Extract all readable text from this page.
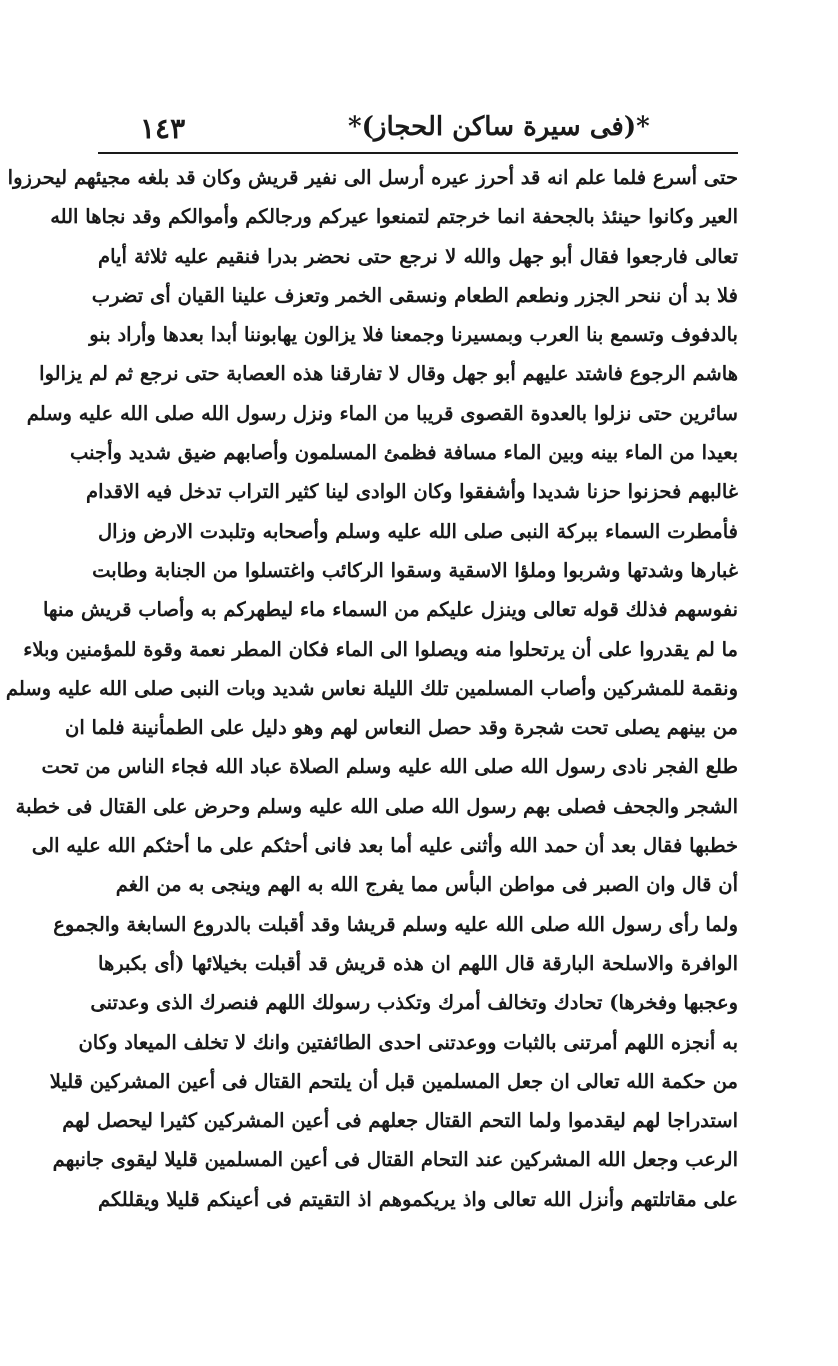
١٤٣	*(فى سيرة ساكن الحجاز)*
حتى أسرع فلما علم انه قد أحرز عيره أرسل الى نفير قريش وكان قد بلغه مجيئهم ليحرزوا
العير وكانوا حينئذ بالجحفة انما خرجتم لتمنعوا عيركم ورجالكم وأموالكم وقد نجاها الله
تعالى فارجعوا فقال أبو جهل والله لا نرجع حتى نحضر بدرا فنقيم عليه ثلاثة أيام
فلا بد أن ننحر الجزر ونطعم الطعام ونسقى الخمر وتعزف علينا القيان أى تضرب
بالدفوف وتسمع بنا العرب وبمسيرنا وجمعنا فلا يزالون يهابوننا أبدا بعدها وأراد بنو
هاشم الرجوع فاشتد عليهم أبو جهل وقال لا تفارقنا هذه العصابة حتى نرجع ثم لم يزالوا
سائرين حتى نزلوا بالعدوة القصوى قريبا من الماء ونزل رسول الله صلى الله عليه وسلم
بعيدا من الماء بينه وبين الماء مسافة فظمئ المسلمون وأصابهم ضيق شديد وأجنب
غالبهم فحزنوا حزنا شديدا وأشفقوا وكان الوادى لينا كثير التراب تدخل فيه الاقدام
فأمطرت السماء ببركة النبى صلى الله عليه وسلم وأصحابه وتلبدت الارض وزال
غبارها وشدتها وشربوا وملؤا الاسقية وسقوا الركائب واغتسلوا من الجنابة وطابت
نفوسهم فذلك قوله تعالى وينزل عليكم من السماء ماء ليطهركم به وأصاب قريش منها
ما لم يقدروا على أن يرتحلوا منه ويصلوا الى الماء فكان المطر نعمة وقوة للمؤمنين وبلاء
ونقمة للمشركين وأصاب المسلمين تلك الليلة نعاس شديد وبات النبى صلى الله عليه وسلم
من بينهم يصلى تحت شجرة وقد حصل النعاس لهم وهو دليل على الطمأنينة فلما ان
طلع الفجر نادى رسول الله صلى الله عليه وسلم الصلاة عباد الله فجاء الناس من تحت
الشجر والجحف فصلى بهم رسول الله صلى الله عليه وسلم وحرض على القتال فى خطبة
خطبها فقال بعد أن حمد الله وأثنى عليه أما بعد فانى أحثكم على ما أحثكم الله عليه الى
أن قال وان الصبر فى مواطن البأس مما يفرج الله به الهم وينجى به من الغم
ولما رأى رسول الله صلى الله عليه وسلم قريشا وقد أقبلت بالدروع السابغة والجموع
الوافرة والاسلحة البارقة قال اللهم ان هذه قريش قد أقبلت بخيلائها (أى بكبرها
وعجبها وفخرها) تحادك وتخالف أمرك وتكذب رسولك اللهم فنصرك الذى وعدتنى
به أنجزه اللهم أمرتنى بالثبات ووعدتنى احدى الطائفتين وانك لا تخلف الميعاد وكان
من حكمة الله تعالى ان جعل المسلمين قبل أن يلتحم القتال فى أعين المشركين قليلا
استدراجا لهم ليقدموا ولما التحم القتال جعلهم فى أعين المشركين كثيرا ليحصل لهم
الرعب وجعل الله المشركين عند التحام القتال فى أعين المسلمين قليلا ليقوى جانبهم
على مقاتلتهم وأنزل الله تعالى واذ يريكموهم اذ التقيتم فى أعينكم قليلا ويقللكم
